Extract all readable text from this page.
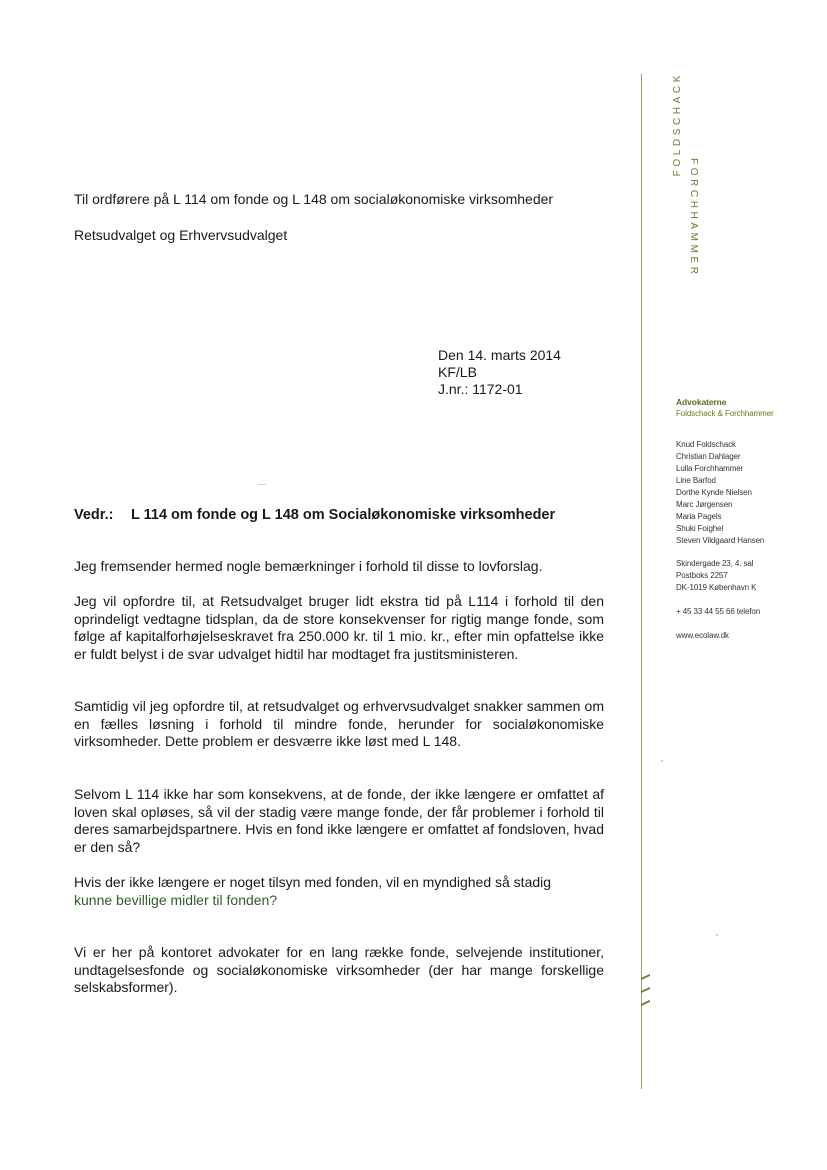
FOLDSCHACK
FORCHHAMMER
Til ordførere på L 114 om fonde og L 148 om socialøkonomiske virksomheder
Retsudvalget og Erhvervsudvalget
Den 14. marts 2014
KF/LB
J.nr.: 1172-01
Vedr.: L 114 om fonde og L 148 om Socialøkonomiske virksomheder
Jeg fremsender hermed nogle bemærkninger i forhold til disse to lovforslag.
Jeg vil opfordre til, at Retsudvalget bruger lidt ekstra tid på L114 i forhold til den oprindeligt vedtagne tidsplan, da de store konsekvenser for rigtig mange fonde, som følge af kapitalforhøjelseskravet fra 250.000 kr. til 1 mio. kr., efter min opfattelse ikke er fuldt belyst i de svar udvalget hidtil har modtaget fra justitsministeren.
Samtidig vil jeg opfordre til, at retsudvalget og erhvervsudvalget snakker sammen om en fælles løsning i forhold til mindre fonde, herunder for socialøkonomiske virksomheder. Dette problem er desværre ikke løst med L 148.
Selvom L 114 ikke har som konsekvens, at de fonde, der ikke længere er omfattet af loven skal opløses, så vil der stadig være mange fonde, der får problemer i forhold til deres samarbejdspartnere. Hvis en fond ikke længere er omfattet af fondsloven, hvad er den så?
Hvis der ikke længere er noget tilsyn med fonden, vil en myndighed så stadig
kunne bevillige midler til fonden?
Vi er her på kontoret advokater for en lang række fonde, selvejende institutioner, undtagelsesfonde og socialøkonomiske virksomheder (der har mange forskellige selskabsformer).
Advokaterne
Foldschack & Forchhammer
Knud Foldschack
Christian Dahlager
Lulla Forchhammer
Line Barfod
Dorthe Kynde Nielsen
Marc Jørgensen
Maria Pagels
Shuki Foighel
Steven Vildgaard Hansen
Skindergade 23, 4. sal
Postboks 2257
DK-1019 København K
+ 45 33 44 55 66 telefon
www.ecolaw.dk
